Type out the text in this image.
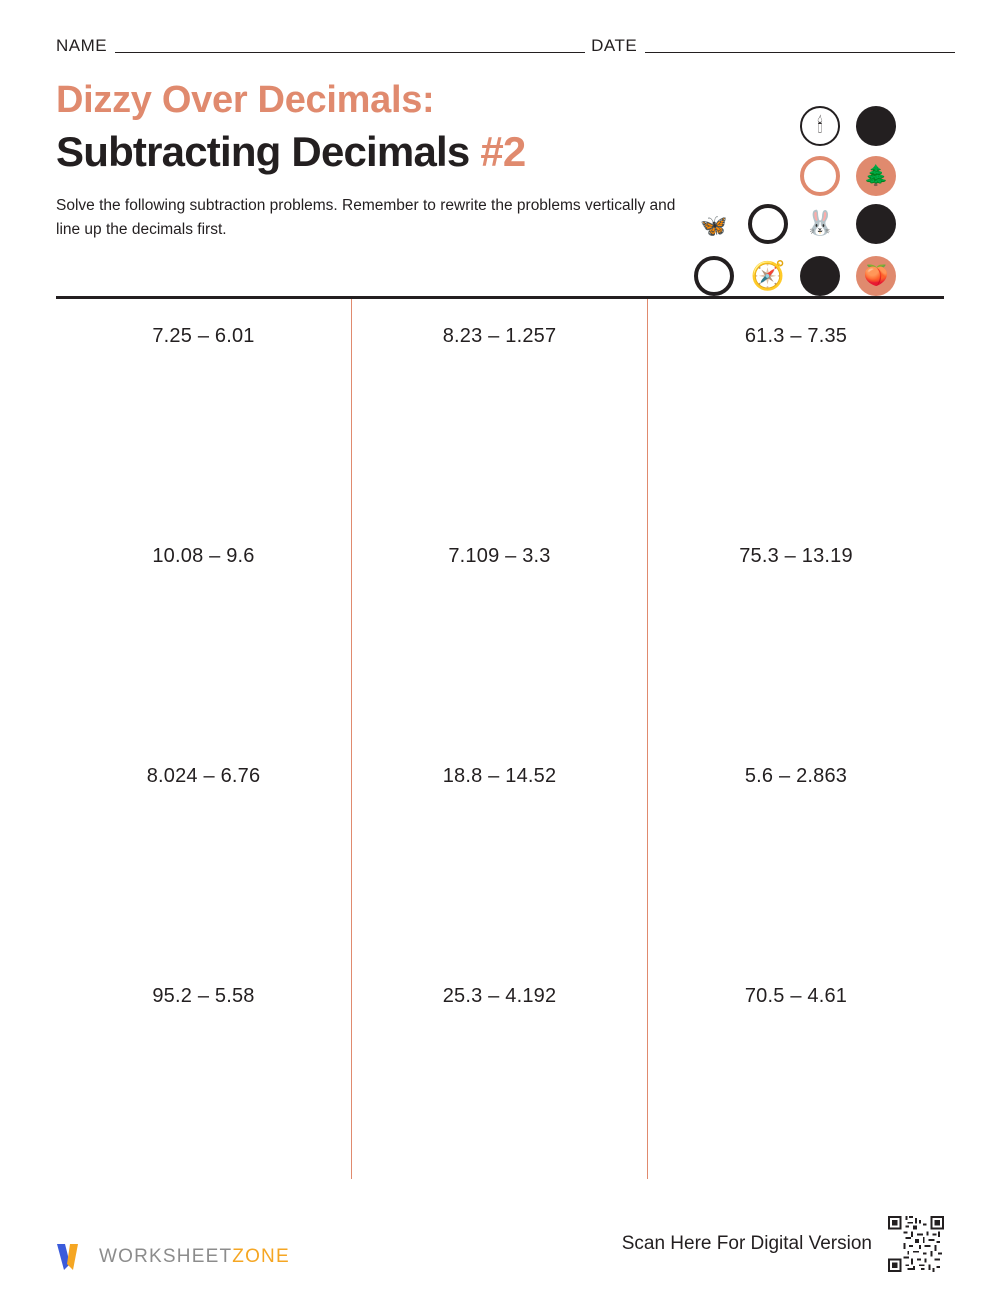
NAME	DATE
Dizzy Over Decimals:
Subtracting Decimals #2
Solve the following subtraction problems. Remember to rewrite the problems vertically and line up the decimals first.
🕯
🌲
🦋	🐰
🧭	🍑
7.25 – 6.01	8.23 – 1.257	61.3 – 7.35
10.08 – 9.6	7.109 – 3.3	75.3 – 13.19
8.024 – 6.76	18.8 – 14.52	5.6 – 2.863
95.2 – 5.58	25.3 – 4.192	70.5 – 4.61
WORKSHEETZONE
Scan Here For Digital Version
